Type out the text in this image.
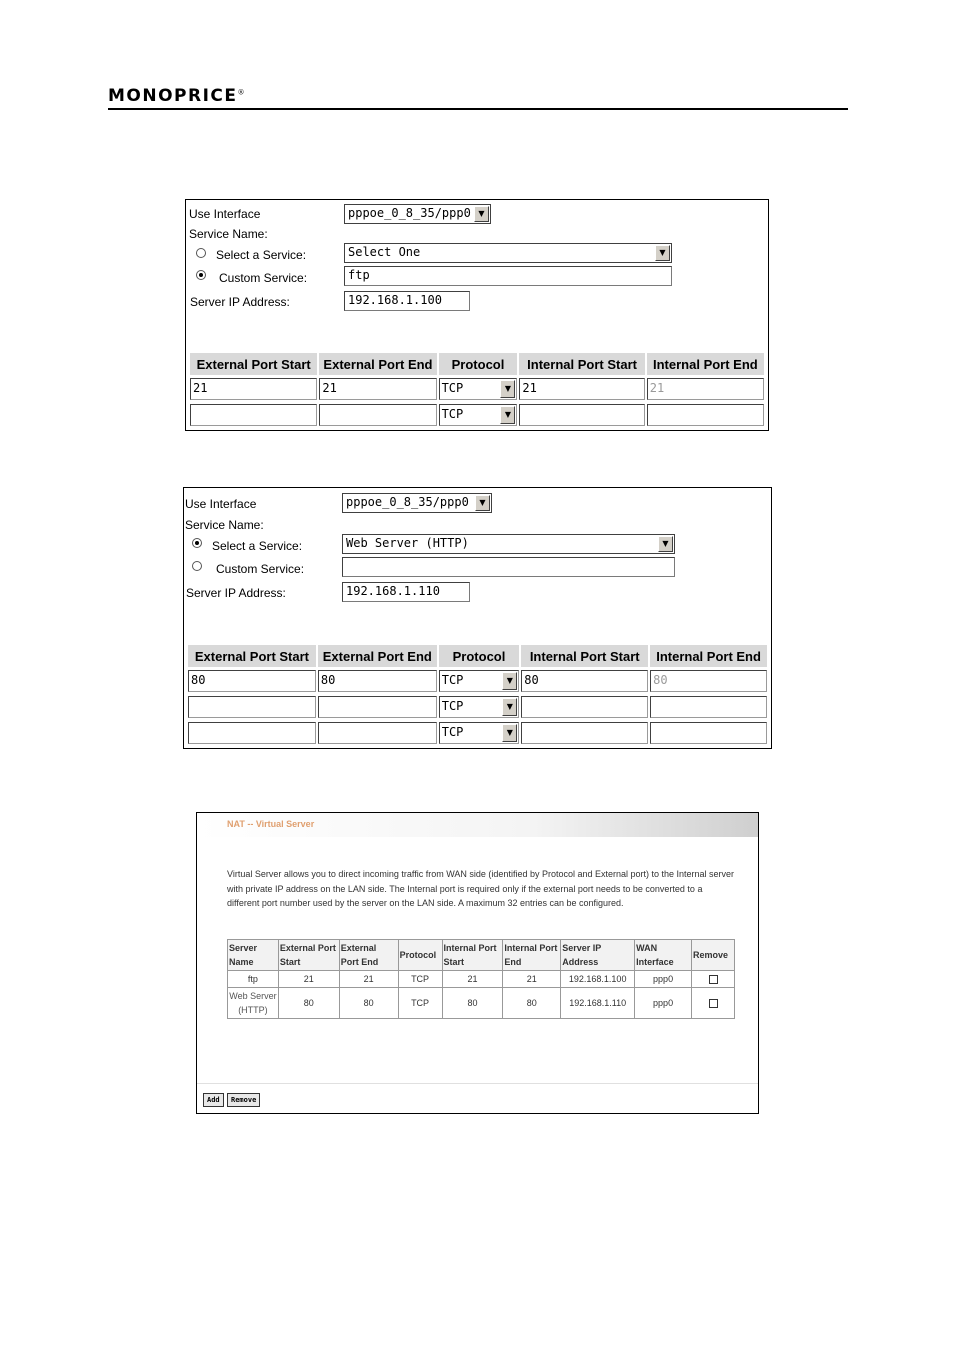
MONOPRICE®
Use Interface	pppoe_0_8_35/ppp0 ▼
Service Name:
Select a Service:	Select One	▼
Custom Service:	ftp
Server IP Address:	192.168.1.100
External Port Start	External Port End	Protocol	Internal Port Start	Internal Port End

21	21	TCP ▼	21	21

		TCP ▼		

Use Interface	pppoe_0_8_35/ppp0	▼
Service Name:
Select a Service:	Web Server (HTTP)	▼
Custom Service:
Server IP Address:	192.168.1.110
External Port Start	External Port End	Protocol	Internal Port Start	Internal Port End

80	80	TCP ▼	80	80

		TCP ▼		

		TCP ▼		

NAT -- Virtual Server
Virtual Server allows you to direct incoming traffic from WAN side (identified by Protocol and External port) to the Internal server with private IP address on the LAN side. The Internal port is required only if the external port needs to be converted to a different port number used by the server on the LAN side. A maximum 32 entries can be configured.
Server Name	External Port Start	External Port End	Protocol	Internal Port Start	Internal Port End	Server IP Address	WAN Interface	Remove
ftp	21	21	TCP	21	21	192.168.1.100	ppp0	
Web Server (HTTP)	80	80	TCP	80	80	192.168.1.110	ppp0	
Add	Remove
